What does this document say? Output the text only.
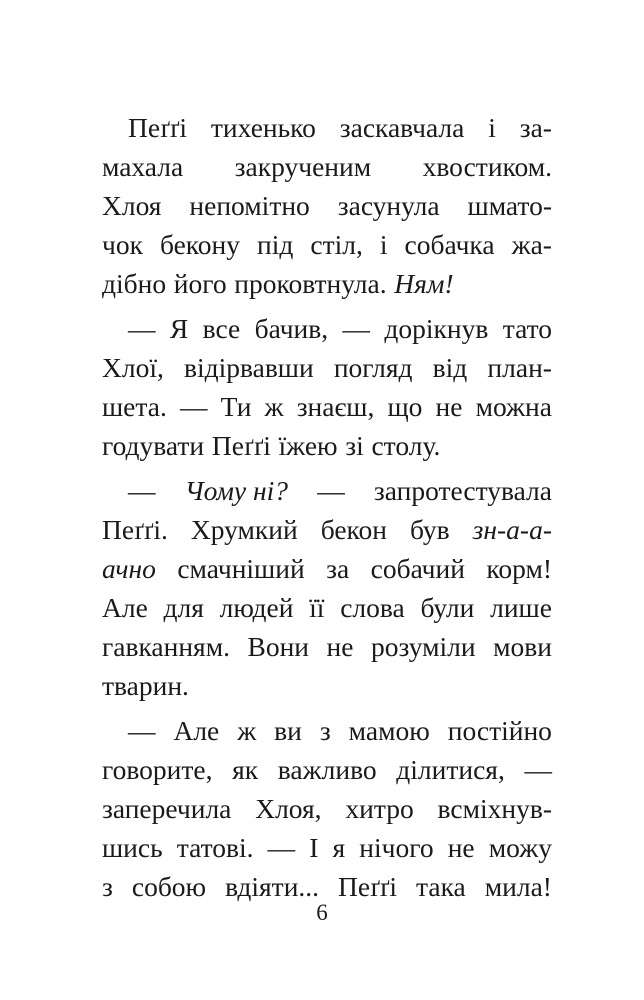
Пеґґі тихенько заскавчала і за-
махала закрученим хвостиком.
Хлоя непомітно засунула шмато-
чок бекону під стіл, і собачка жа-
дібно його проковтнула. Ням!
— Я все бачив, — дорікнув тато
Хлої, відірвавши погляд від план-
шета. — Ти ж знаєш, що не можна
годувати Пеґґі їжею зі столу.
— Чому ні? — запротестувала
Пеґґі. Хрумкий бекон був зн-а-а-
ачно смачніший за собачий корм!
Але для людей її слова були лише
гавканням. Вони не розуміли мови
тварин.
— Але ж ви з мамою постійно
говорите, як важливо ділитися, —
заперечила Хлоя, хитро всміхнув-
шись татові. — І я нічого не можу
з собою вдіяти... Пеґґі така мила!
6
